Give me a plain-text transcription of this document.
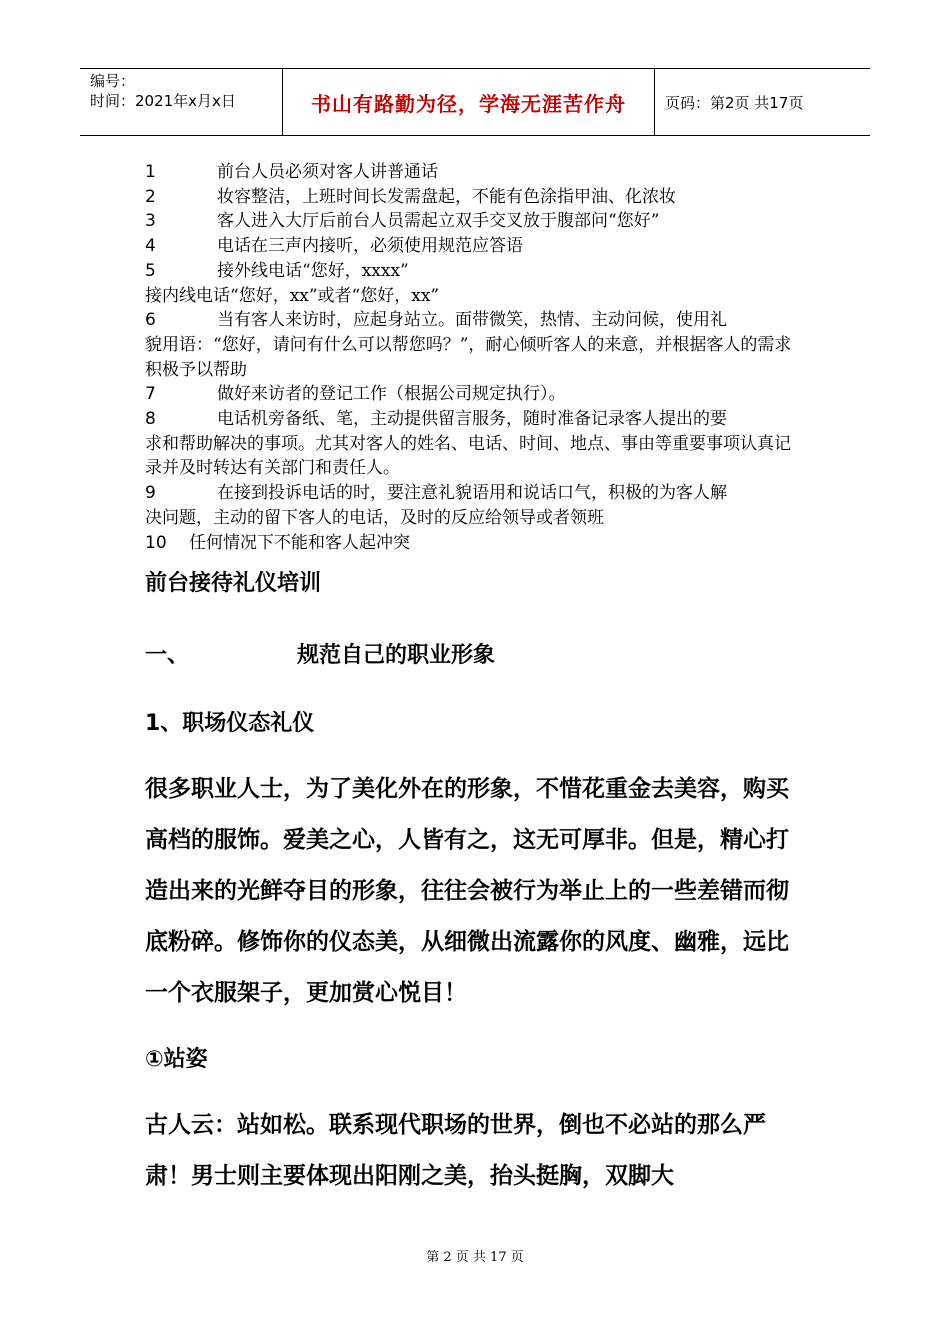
编号：
时间：2021年x月x日	书山有路勤为径，学海无涯苦作舟	页码：第2页 共17页
1	前台人员必须对客人讲普通话
2	妆容整洁，上班时间长发需盘起，不能有色涂指甲油、化浓妆
3	客人进入大厅后前台人员需起立双手交叉放于腹部问“您好”
4	电话在三声内接听，必须使用规范应答语
5	接外线电话“您好，xxxx”
接内线电话“您好，xx”或者“您好，xx”
6	当有客人来访时，应起身站立。面带微笑，热情、主动问候，使用礼
貌用语：“您好，请问有什么可以帮您吗？”，耐心倾听客人的来意，并根据客人的需求积极予以帮助
7	做好来访者的登记工作（根据公司规定执行）。
8	电话机旁备纸、笔，主动提供留言服务，随时准备记录客人提出的要
求和帮助解决的事项。尤其对客人的姓名、电话、时间、地点、事由等重要事项认真记录并及时转达有关部门和责任人。
9	在接到投诉电话的时，要注意礼貌语用和说话口气，积极的为客人解
决问题，主动的留下客人的电话，及时的反应给领导或者领班
10 任何情况下不能和客人起冲突
前台接待礼仪培训
一、	规范自己的职业形象
1、职场仪态礼仪
很多职业人士，为了美化外在的形象，不惜花重金去美容，购买高档的服饰。爱美之心，人皆有之，这无可厚非。但是，精心打造出来的光鲜夺目的形象，往往会被行为举止上的一些差错而彻底粉碎。修饰你的仪态美，从细微出流露你的风度、幽雅，远比一个衣服架子，更加赏心悦目！
①站姿
古人云：站如松。联系现代职场的世界，倒也不必站的那么严肃！男士则主要体现出阳刚之美，抬头挺胸，双脚大
第 2 页 共 17 页
